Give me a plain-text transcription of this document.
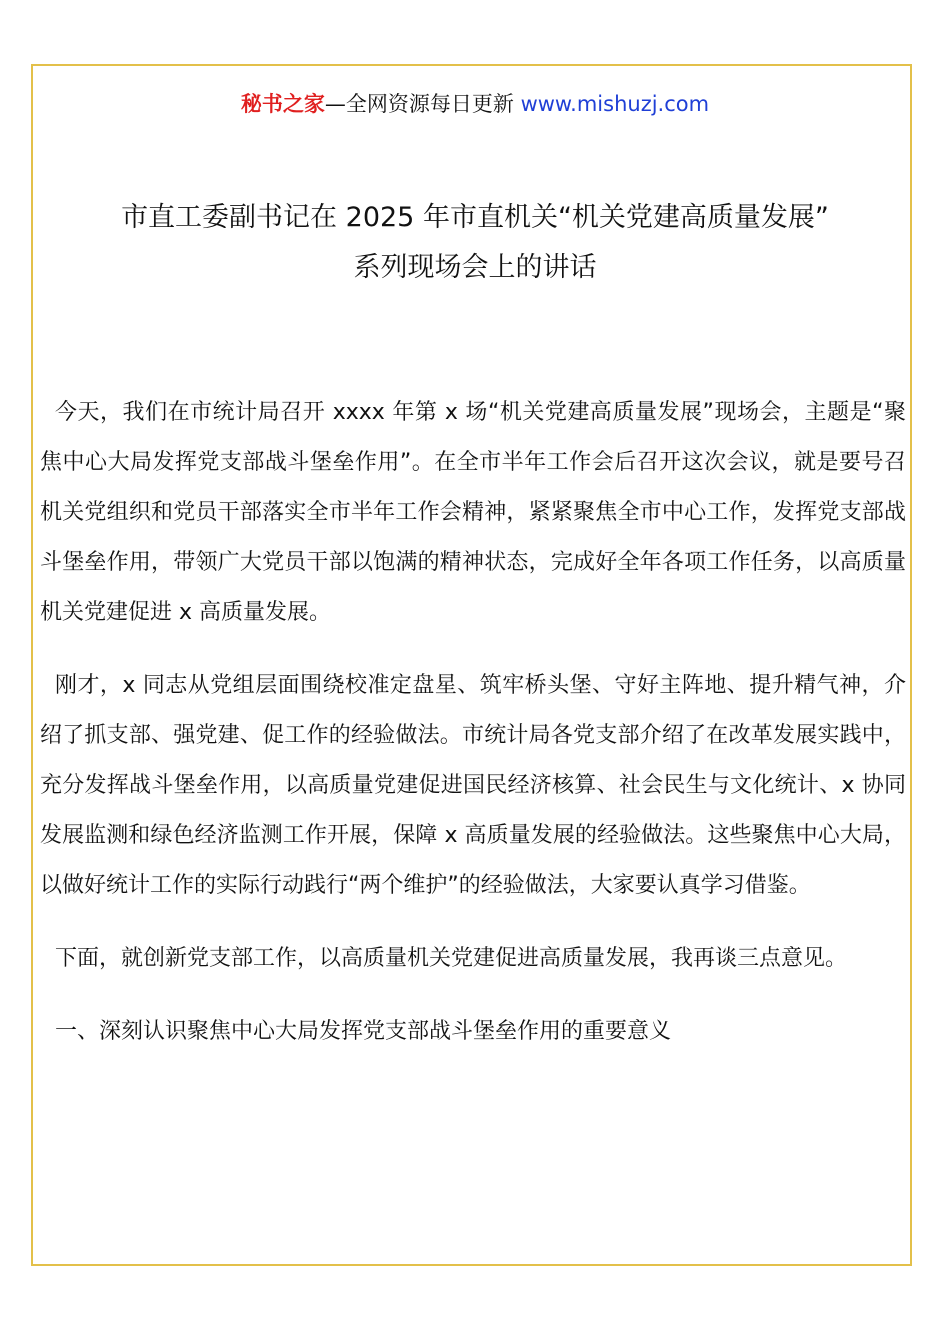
秘书之家—全网资源每日更新 www.mishuzj.com
市直工委副书记在 2025 年市直机关“机关党建高质量发展”
系列现场会上的讲话

今天，我们在市统计局召开 xxxx 年第 x 场“机关党建高质量发展”现场会，主题是“聚焦中心大局发挥党支部战斗堡垒作用”。在全市半年工作会后召开这次会议，就是要号召机关党组织和党员干部落实全市半年工作会精神，紧紧聚焦全市中心工作，发挥党支部战斗堡垒作用，带领广大党员干部以饱满的精神状态，完成好全年各项工作任务，以高质量机关党建促进 x 高质量发展。

刚才，x 同志从党组层面围绕校准定盘星、筑牢桥头堡、守好主阵地、提升精气神，介绍了抓支部、强党建、促工作的经验做法。市统计局各党支部介绍了在改革发展实践中，充分发挥战斗堡垒作用，以高质量党建促进国民经济核算、社会民生与文化统计、x 协同发展监测和绿色经济监测工作开展，保障 x 高质量发展的经验做法。这些聚焦中心大局，以做好统计工作的实际行动践行“两个维护”的经验做法，大家要认真学习借鉴。

下面，就创新党支部工作，以高质量机关党建促进高质量发展，我再谈三点意见。

一、深刻认识聚焦中心大局发挥党支部战斗堡垒作用的重要意义
